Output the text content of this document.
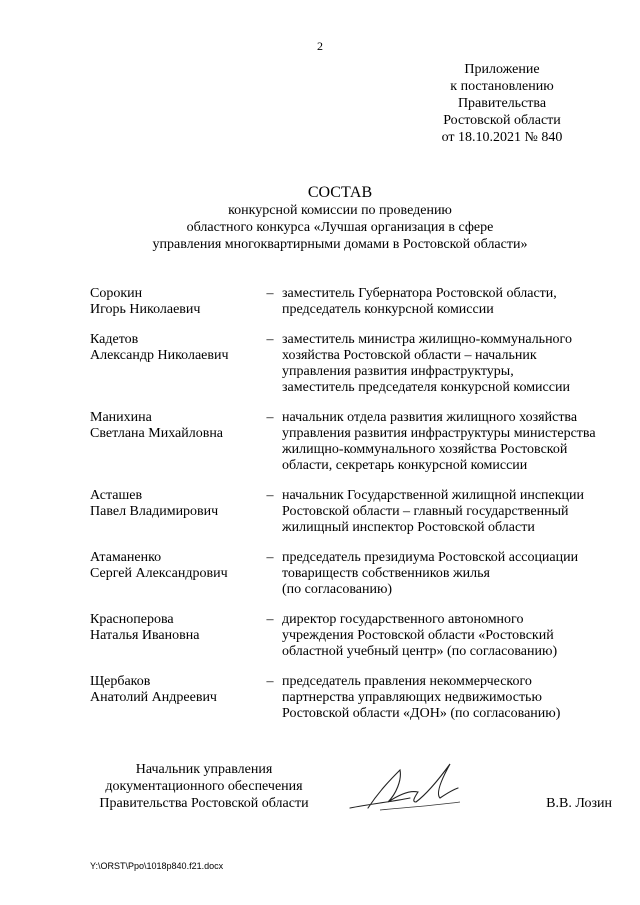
2
Приложение
к постановлению
Правительства
Ростовской области
от 18.10.2021 № 840
СОСТАВ
конкурсной комиссии по проведению
областного конкурса «Лучшая организация в сфере
управления многоквартирными домами в Ростовской области»
Сорокин
Игорь Николаевич
– заместитель Губернатора Ростовской области,
председатель конкурсной комиссии
Кадетов
Александр Николаевич
– заместитель министра жилищно-коммунального
хозяйства Ростовской области – начальник
управления развития инфраструктуры,
заместитель председателя конкурсной комиссии
Манихина
Светлана Михайловна
– начальник отдела развития жилищного хозяйства
управления развития инфраструктуры министерства
жилищно-коммунального хозяйства Ростовской
области, секретарь конкурсной комиссии
Асташев
Павел Владимирович
– начальник Государственной жилищной инспекции
Ростовской области – главный государственный
жилищный инспектор Ростовской области
Атаманенко
Сергей Александрович
– председатель президиума Ростовской ассоциации
товариществ собственников жилья
(по согласованию)
Красноперова
Наталья Ивановна
– директор государственного автономного
учреждения Ростовской области «Ростовский
областной учебный центр» (по согласованию)
Щербаков
Анатолий Андреевич
– председатель правления некоммерческого
партнерства управляющих недвижимостью
Ростовской области «ДОН» (по согласованию)
Начальник управления
документационного обеспечения
Правительства Ростовской области	В.В. Лозин
Y:\ORST\Ppo\1018p840.f21.docx
